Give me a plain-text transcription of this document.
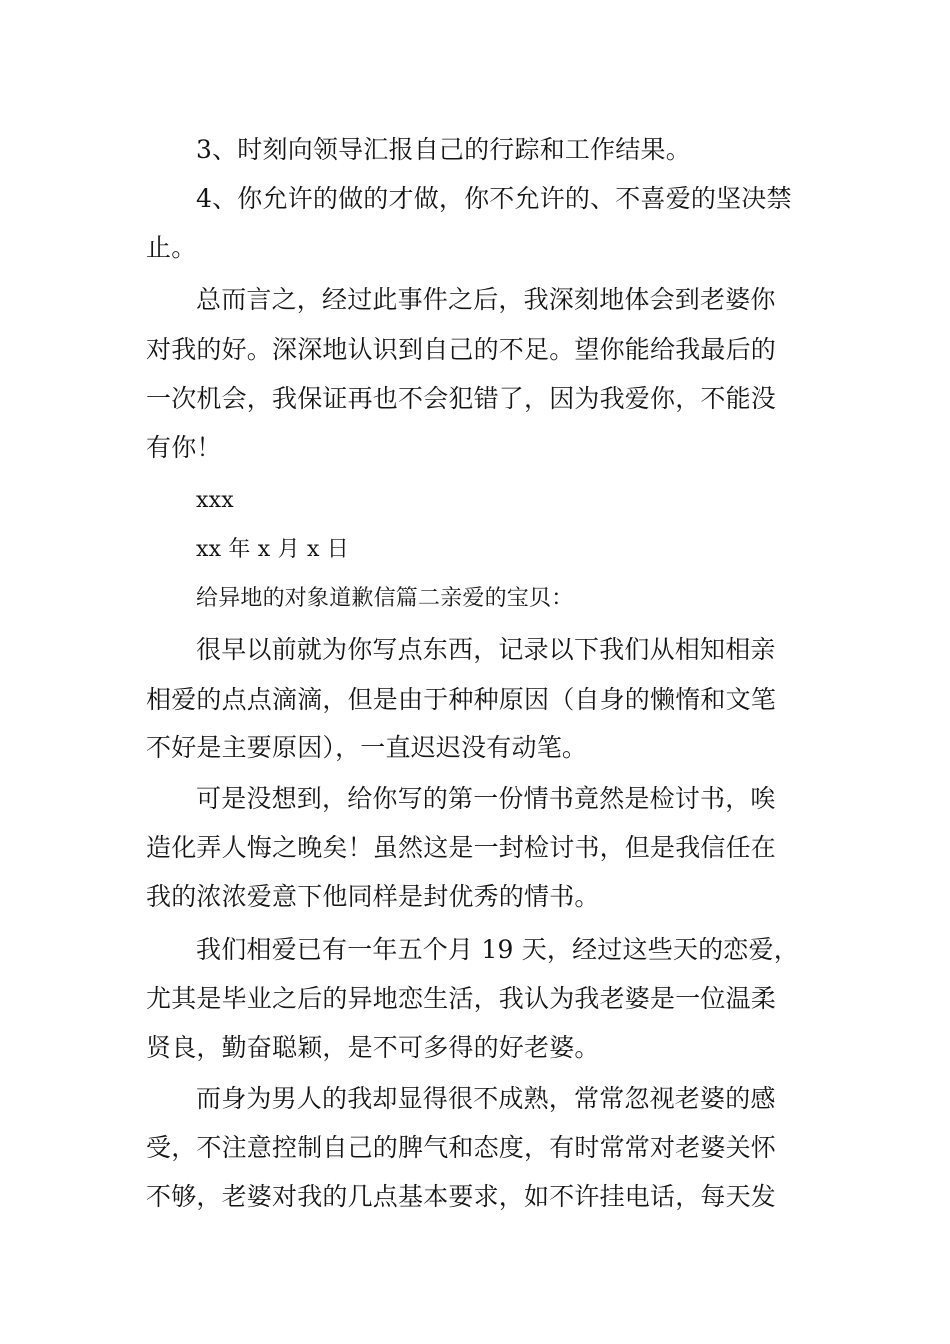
3、时刻向领导汇报自己的行踪和工作结果。
4、你允许的做的才做，你不允许的、不喜爱的坚决禁
止。
总而言之，经过此事件之后，我深刻地体会到老婆你
对我的好。深深地认识到自己的不足。望你能给我最后的
一次机会，我保证再也不会犯错了，因为我爱你，不能没
有你！
xxx
xx 年 x 月 x 日
给异地的对象道歉信篇二亲爱的宝贝：
很早以前就为你写点东西，记录以下我们从相知相亲
相爱的点点滴滴，但是由于种种原因（自身的懒惰和文笔
不好是主要原因），一直迟迟没有动笔。
可是没想到，给你写的第一份情书竟然是检讨书，唉
造化弄人悔之晚矣！虽然这是一封检讨书，但是我信任在
我的浓浓爱意下他同样是封优秀的情书。
我们相爱已有一年五个月 19 天，经过这些天的恋爱，
尤其是毕业之后的异地恋生活，我认为我老婆是一位温柔
贤良，勤奋聪颖，是不可多得的好老婆。
而身为男人的我却显得很不成熟，常常忽视老婆的感
受，不注意控制自己的脾气和态度，有时常常对老婆关怀
不够，老婆对我的几点基本要求，如不许挂电话，每天发
